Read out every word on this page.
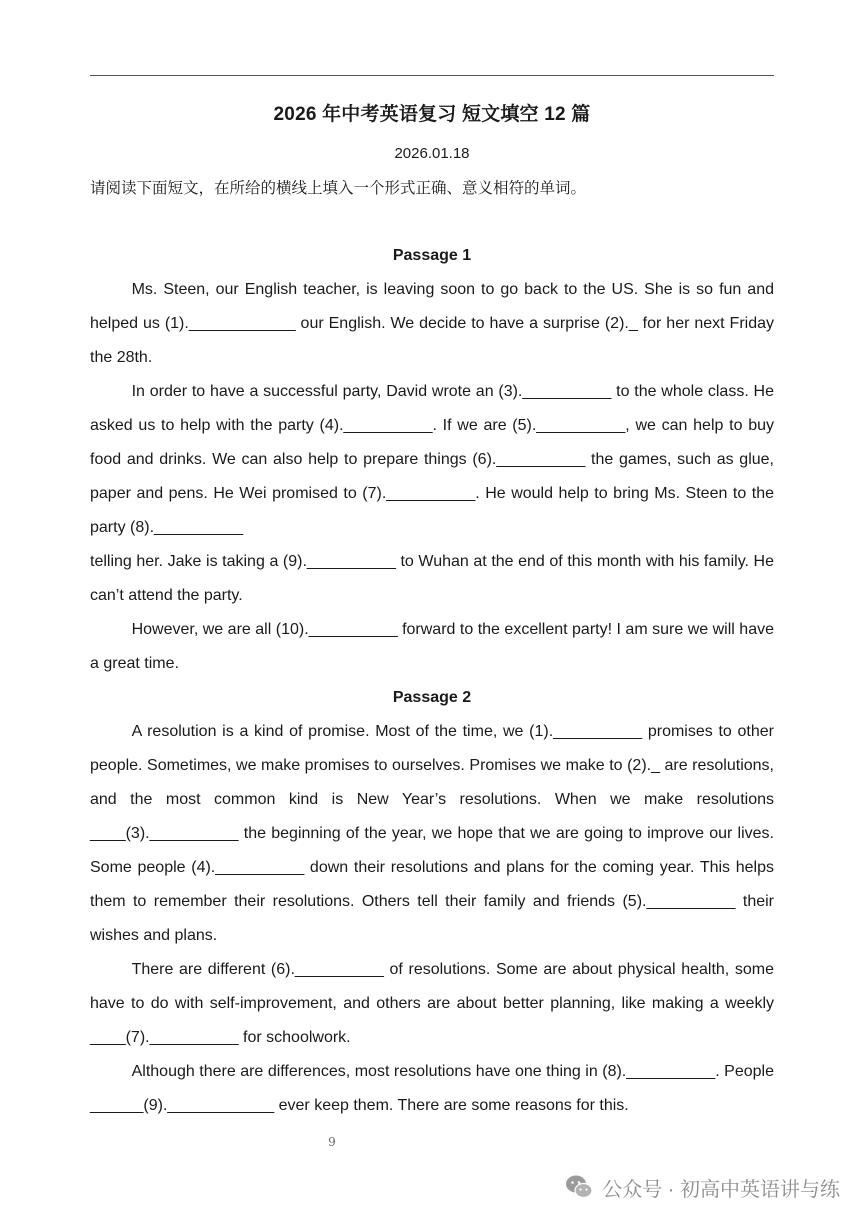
2026 年中考英语复习 短文填空 12 篇
2026.01.18
请阅读下面短文，在所给的横线上填入一个形式正确、意义相符的单词。
Passage 1

Ms. Steen, our English teacher, is leaving soon to go back to the US. She is so fun and helped us (1).____________ our English. We decide to have a surprise (2)._ for her next Friday the 28th.

In order to have a successful party, David wrote an (3).__________ to the whole class. He asked us to help with the party (4).__________. If we are (5).__________, we can help to buy food and drinks. We can also help to prepare things (6).__________ the games, such as glue, paper and pens. He Wei promised to (7).__________. He would help to bring Ms. Steen to the party (8).__________

telling her. Jake is taking a (9).__________ to Wuhan at the end of this month with his family. He can’t attend the party.

However, we are all (10).__________ forward to the excellent party! I am sure we will have a great time.

Passage 2

A resolution is a kind of promise. Most of the time, we (1).__________ promises to other people. Sometimes, we make promises to ourselves. Promises we make to (2)._ are resolutions, and the most common kind is New Year’s resolutions. When we make resolutions ____(3).__________ the beginning of the year, we hope that we are going to improve our lives. Some people (4).__________ down their resolutions and plans for the coming year. This helps them to remember their resolutions. Others tell their family and friends (5).__________ their wishes and plans.

There are different (6).__________ of resolutions. Some are about physical health, some have to do with self-improvement, and others are about better planning, like making a weekly ____(7).__________ for schoolwork.

Although there are differences, most resolutions have one thing in (8).__________. People ______(9).____________ ever keep them. There are some reasons for this.

9
公众号 · 初高中英语讲与练
